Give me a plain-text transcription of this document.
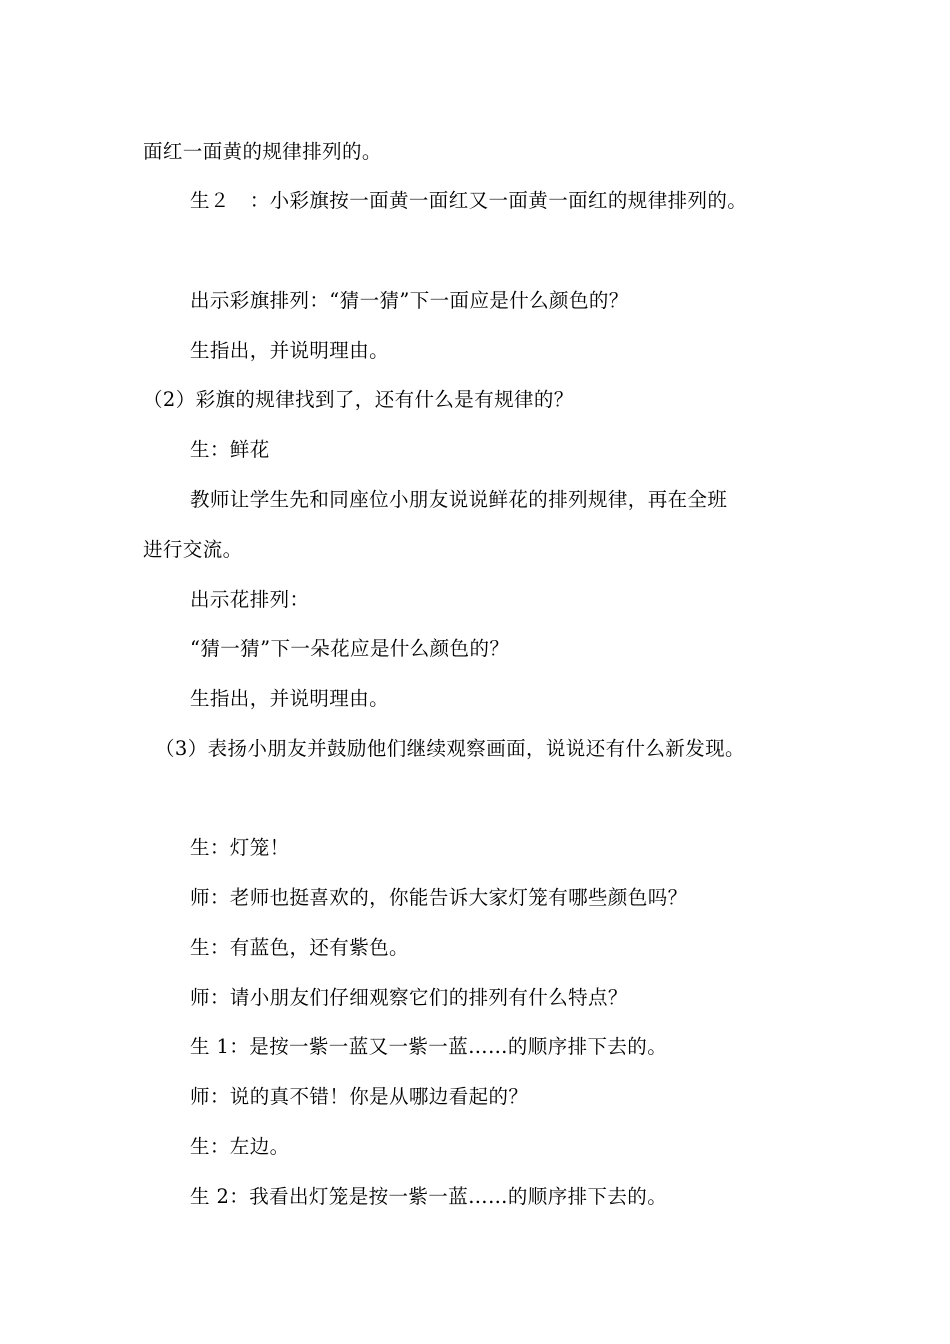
面红一面黄的规律排列的。
生２　：小彩旗按一面黄一面红又一面黄一面红的规律排列的。
出示彩旗排列：“猜一猜”下一面应是什么颜色的？
生指出，并说明理由。
（2）彩旗的规律找到了，还有什么是有规律的？
生：鲜花
教师让学生先和同座位小朋友说说鲜花的排列规律，再在全班
进行交流。
出示花排列：
“猜一猜”下一朵花应是什么颜色的？
生指出，并说明理由。
（3）表扬小朋友并鼓励他们继续观察画面，说说还有什么新发现。
生：灯笼！
师：老师也挺喜欢的，你能告诉大家灯笼有哪些颜色吗？
生：有蓝色，还有紫色。
师：请小朋友们仔细观察它们的排列有什么特点？
生 1：是按一紫一蓝又一紫一蓝……的顺序排下去的。
师：说的真不错！你是从哪边看起的？
生：左边。
生 2：我看出灯笼是按一紫一蓝……的顺序排下去的。
